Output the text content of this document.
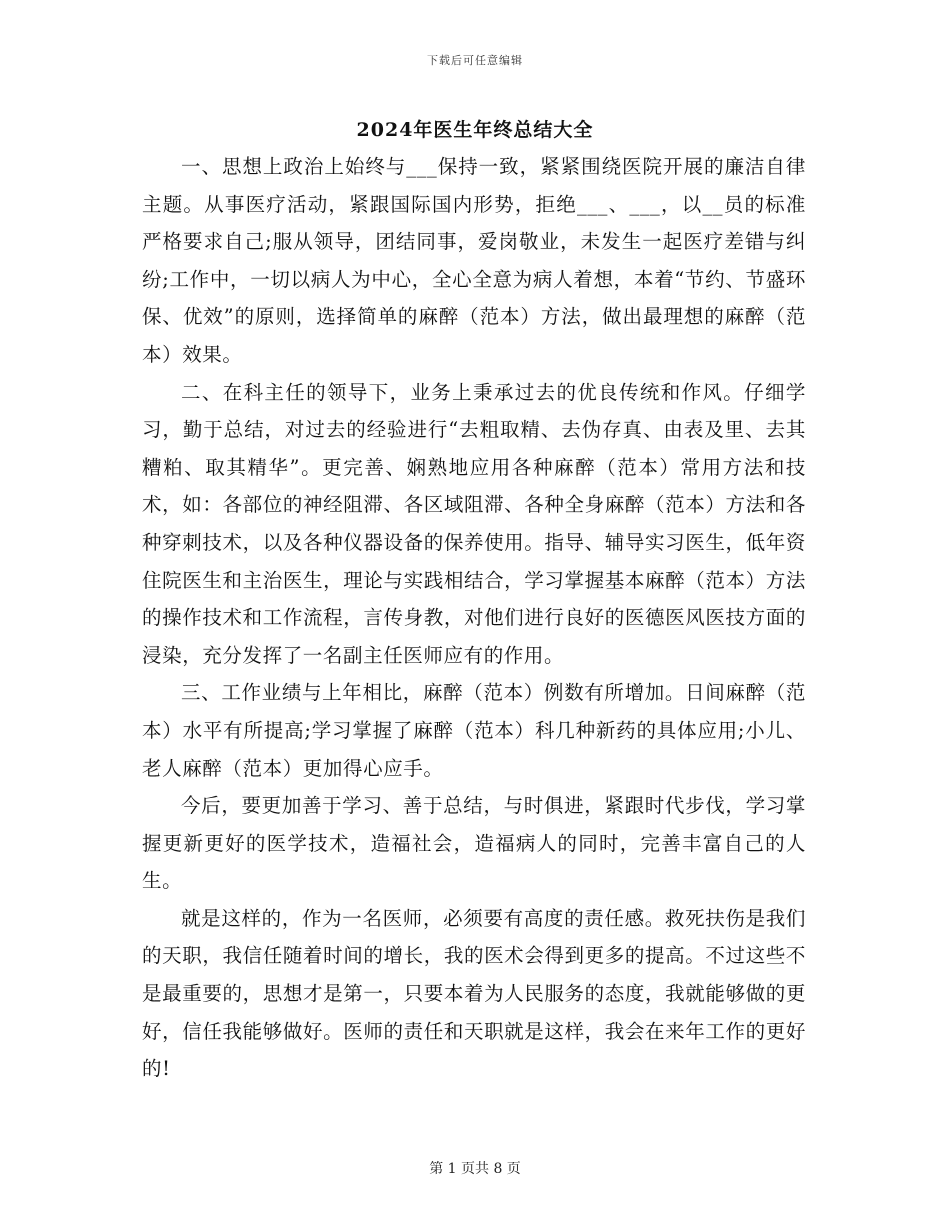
下载后可任意编辑
2024年医生年终总结大全

一、思想上政治上始终与___保持一致，紧紧围绕医院开展的廉洁自律主题。从事医疗活动，紧跟国际国内形势，拒绝___、___，以__员的标准严格要求自己;服从领导，团结同事，爱岗敬业，未发生一起医疗差错与纠纷;工作中，一切以病人为中心，全心全意为病人着想，本着“节约、节盛环保、优效”的原则，选择简单的麻醉（范本）方法，做出最理想的麻醉（范本）效果。

二、在科主任的领导下，业务上秉承过去的优良传统和作风。仔细学习，勤于总结，对过去的经验进行“去粗取精、去伪存真、由表及里、去其糟粕、取其精华”。更完善、娴熟地应用各种麻醉（范本）常用方法和技术，如：各部位的神经阻滞、各区域阻滞、各种全身麻醉（范本）方法和各种穿刺技术，以及各种仪器设备的保养使用。指导、辅导实习医生，低年资住院医生和主治医生，理论与实践相结合，学习掌握基本麻醉（范本）方法的操作技术和工作流程，言传身教，对他们进行良好的医德医风医技方面的浸染，充分发挥了一名副主任医师应有的作用。

三、工作业绩与上年相比，麻醉（范本）例数有所增加。日间麻醉（范本）水平有所提高;学习掌握了麻醉（范本）科几种新药的具体应用;小儿、老人麻醉（范本）更加得心应手。

今后，要更加善于学习、善于总结，与时俱进，紧跟时代步伐，学习掌握更新更好的医学技术，造福社会，造福病人的同时，完善丰富自己的人生。

就是这样的，作为一名医师，必须要有高度的责任感。救死扶伤是我们的天职，我信任随着时间的增长，我的医术会得到更多的提高。不过这些不是最重要的，思想才是第一，只要本着为人民服务的态度，我就能够做的更好，信任我能够做好。医师的责任和天职就是这样，我会在来年工作的更好的!

第 1 页共 8 页
